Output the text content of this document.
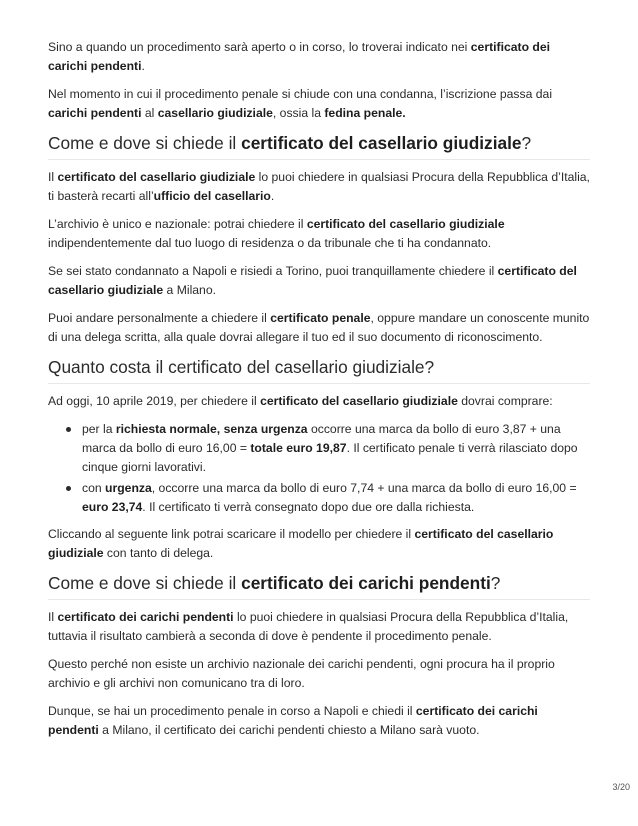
Sino a quando un procedimento sarà aperto o in corso, lo troverai indicato nei certificato dei carichi pendenti.

Nel momento in cui il procedimento penale si chiude con una condanna, l’iscrizione passa dai carichi pendenti al casellario giudiziale, ossia la fedina penale.

Come e dove si chiede il certificato del casellario giudiziale?

Il certificato del casellario giudiziale lo puoi chiedere in qualsiasi Procura della Repubblica d’Italia, ti basterà recarti all’ufficio del casellario.

L’archivio è unico e nazionale: potrai chiedere il certificato del casellario giudiziale indipendentemente dal tuo luogo di residenza o da tribunale che ti ha condannato.

Se sei stato condannato a Napoli e risiedi a Torino, puoi tranquillamente chiedere il certificato del casellario giudiziale a Milano.

Puoi andare personalmente a chiedere il certificato penale, oppure mandare un conoscente munito di una delega scritta, alla quale dovrai allegare il tuo ed il suo documento di riconoscimento.

Quanto costa il certificato del casellario giudiziale?

Ad oggi, 10 aprile 2019, per chiedere il certificato del casellario giudiziale dovrai comprare:

per la richiesta normale, senza urgenza occorre una marca da bollo di euro 3,87 + una marca da bollo di euro 16,00 = totale euro 19,87. Il certificato penale ti verrà rilasciato dopo cinque giorni lavorativi.
con urgenza, occorre una marca da bollo di euro 7,74 + una marca da bollo di euro 16,00 = euro 23,74. Il certificato ti verrà consegnato dopo due ore dalla richiesta.

Cliccando al seguente link potrai scaricare il modello per chiedere il certificato del casellario giudiziale con tanto di delega.

Come e dove si chiede il certificato dei carichi pendenti?

Il certificato dei carichi pendenti lo puoi chiedere in qualsiasi Procura della Repubblica d’Italia, tuttavia il risultato cambierà a seconda di dove è pendente il procedimento penale.

Questo perché non esiste un archivio nazionale dei carichi pendenti, ogni procura ha il proprio archivio e gli archivi non comunicano tra di loro.

Dunque, se hai un procedimento penale in corso a Napoli e chiedi il certificato dei carichi pendenti a Milano, il certificato dei carichi pendenti chiesto a Milano sarà vuoto.

3/20
